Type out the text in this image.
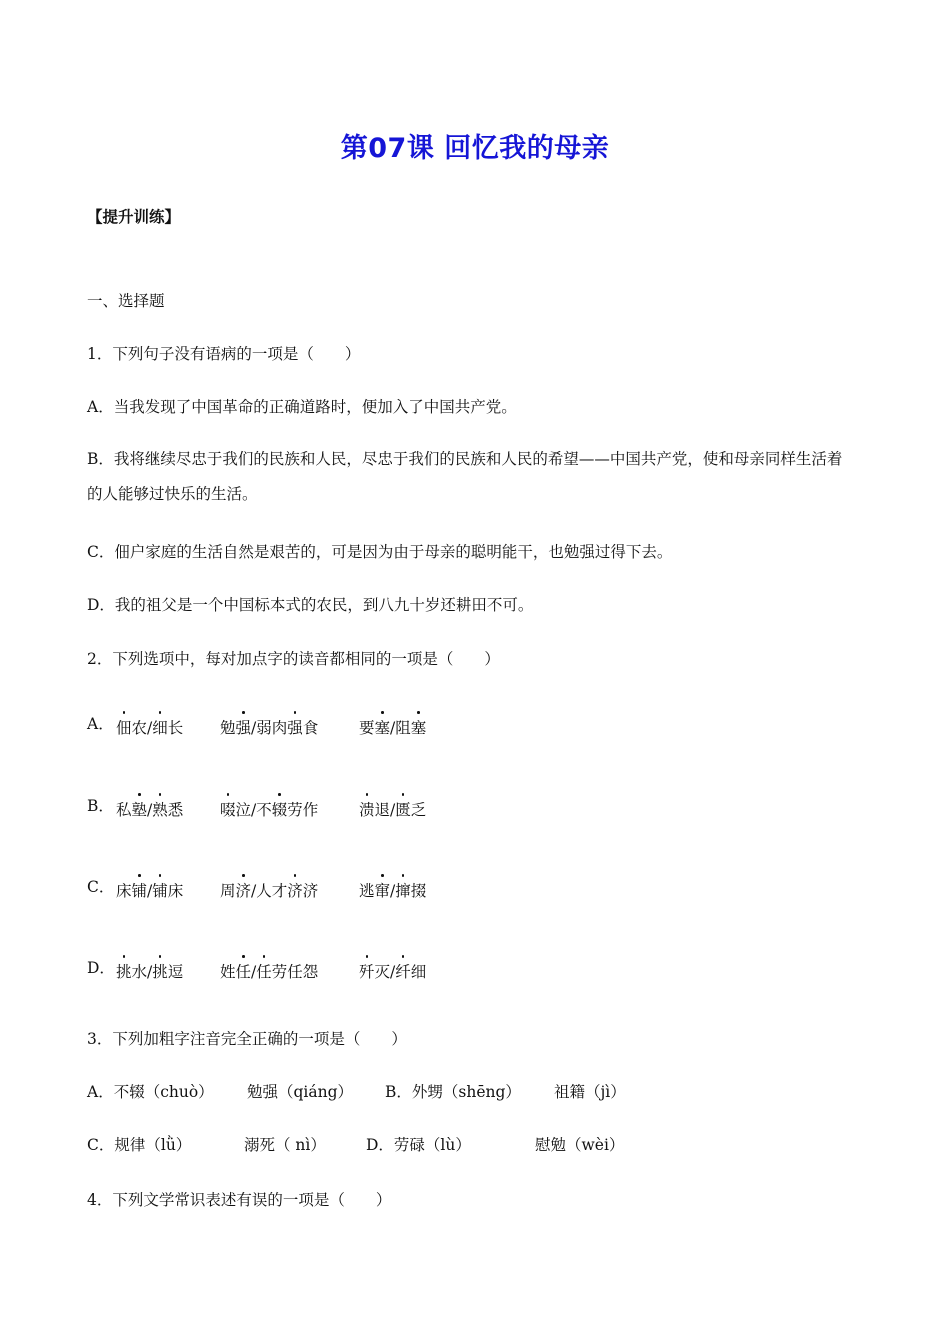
第07课 回忆我的母亲
【提升训练】
一、选择题
1．下列句子没有语病的一项是（　　）
A．当我发现了中国革命的正确道路时，便加入了中国共产党。
B．我将继续尽忠于我们的民族和人民，尽忠于我们的民族和人民的希望——中国共产党，使和母亲同样生活着的人能够过快乐的生活。
C．佃户家庭的生活自然是艰苦的，可是因为由于母亲的聪明能干，也勉强过得下去。
D．我的祖父是一个中国标本式的农民，到八九十岁还耕田不可。
2．下列选项中，每对加点字的读音都相同的一项是（　　）
A． 佃农/细长 勉强/弱肉强食	要塞/阻塞
B． 私塾/熟悉 啜泣/不辍劳作	溃退/匮乏
C． 床铺/铺床 周济/人才济济	逃窜/撺掇
D． 挑水/挑逗 姓任/任劳任怨	歼灭/纤细
3．下列加粗字注音完全正确的一项是（　　）
A．不辍（chuò） 勉强（qiáng） B．外甥（shēng） 祖籍（jì）
C．规律（lǜ）	溺死（ nì）	D．劳碌（lù）	慰勉（wèi）
4．下列文学常识表述有误的一项是（　　）
